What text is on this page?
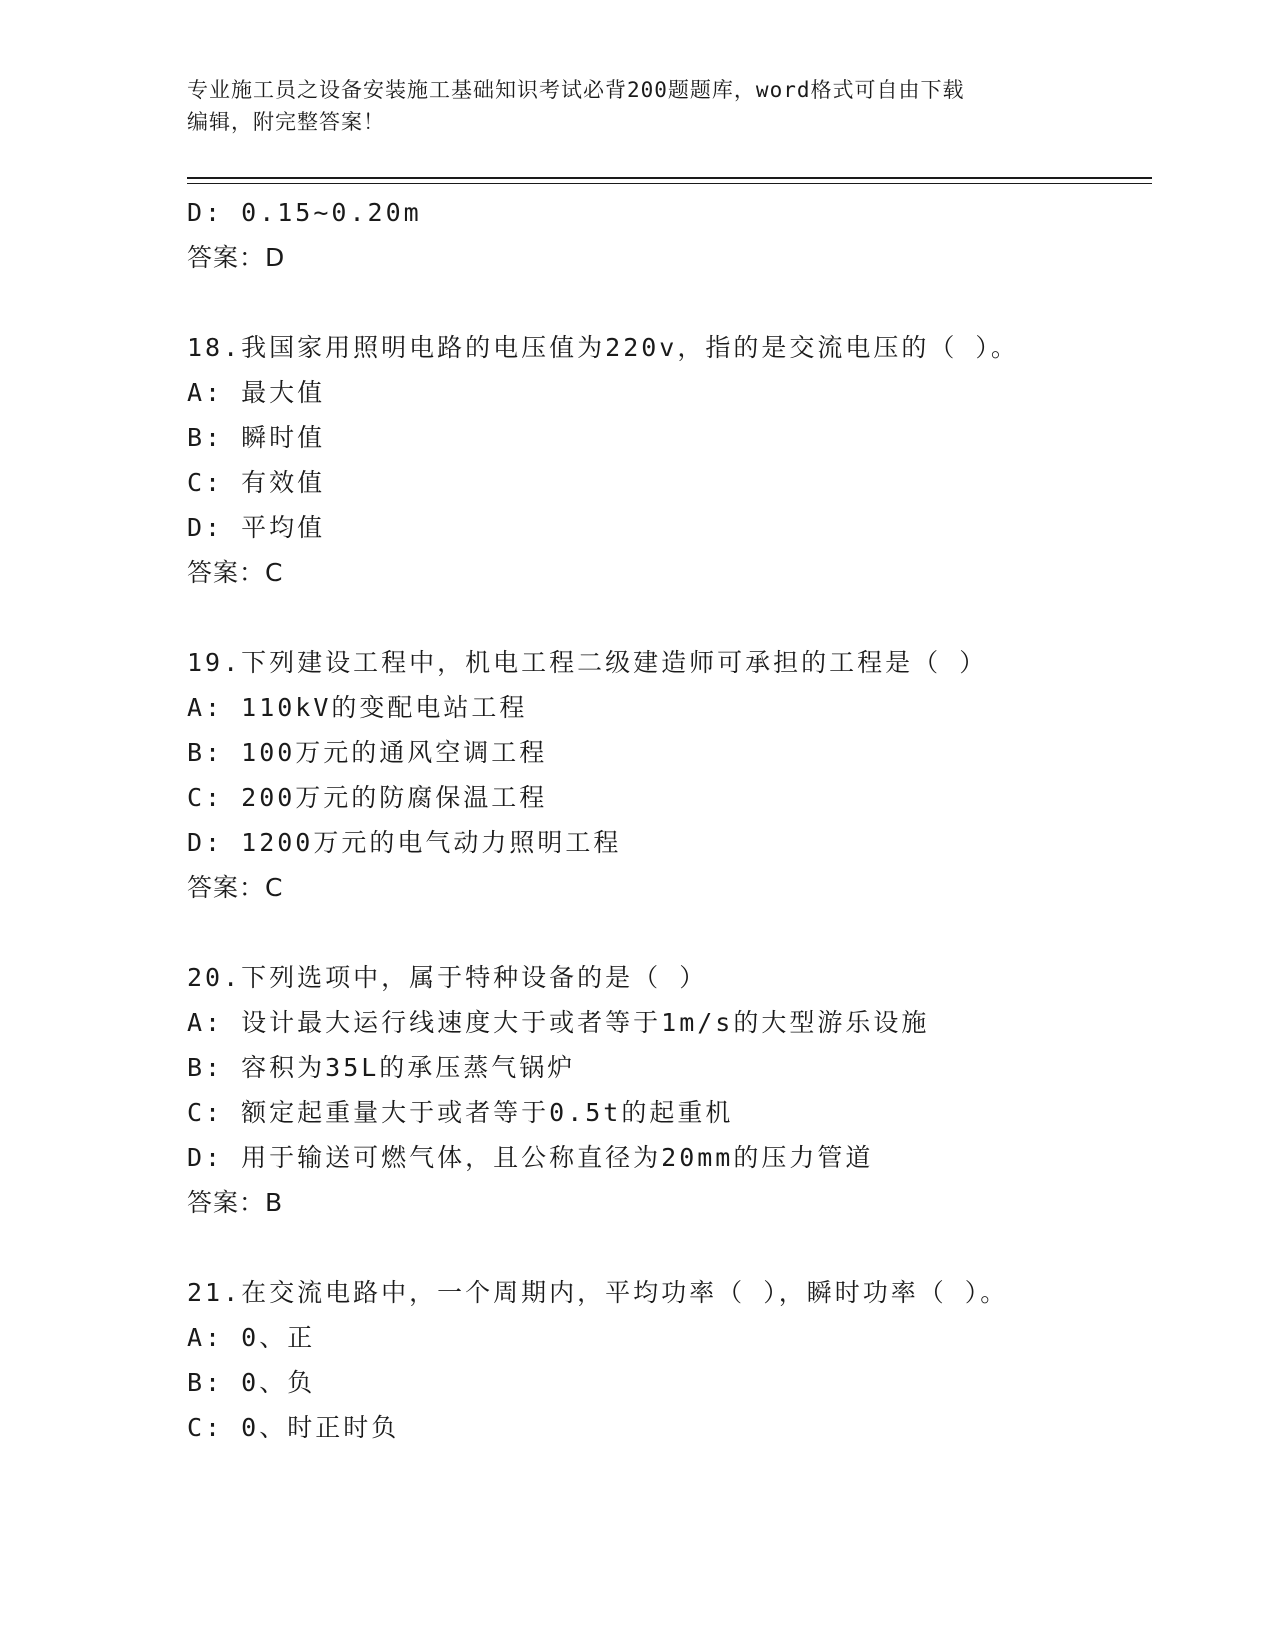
专业施工员之设备安装施工基础知识考试必背200题题库，word格式可自由下载
编辑，附完整答案！
D: 0.15~0.20m
答案：D
18.我国家用照明电路的电压值为220v，指的是交流电压的（ ）。
A: 最大值
B: 瞬时值
C: 有效值
D: 平均值
答案：C
19.下列建设工程中，机电工程二级建造师可承担的工程是（ ）
A: 110kV的变配电站工程
B: 100万元的通风空调工程
C: 200万元的防腐保温工程
D: 1200万元的电气动力照明工程
答案：C
20.下列选项中，属于特种设备的是（ ）
A: 设计最大运行线速度大于或者等于1m/s的大型游乐设施
B: 容积为35L的承压蒸气锅炉
C: 额定起重量大于或者等于0.5t的起重机
D: 用于输送可燃气体，且公称直径为20mm的压力管道
答案：B
21.在交流电路中，一个周期内，平均功率（ ），瞬时功率（ ）。
A: 0、正
B: 0、负
C: 0、时正时负
